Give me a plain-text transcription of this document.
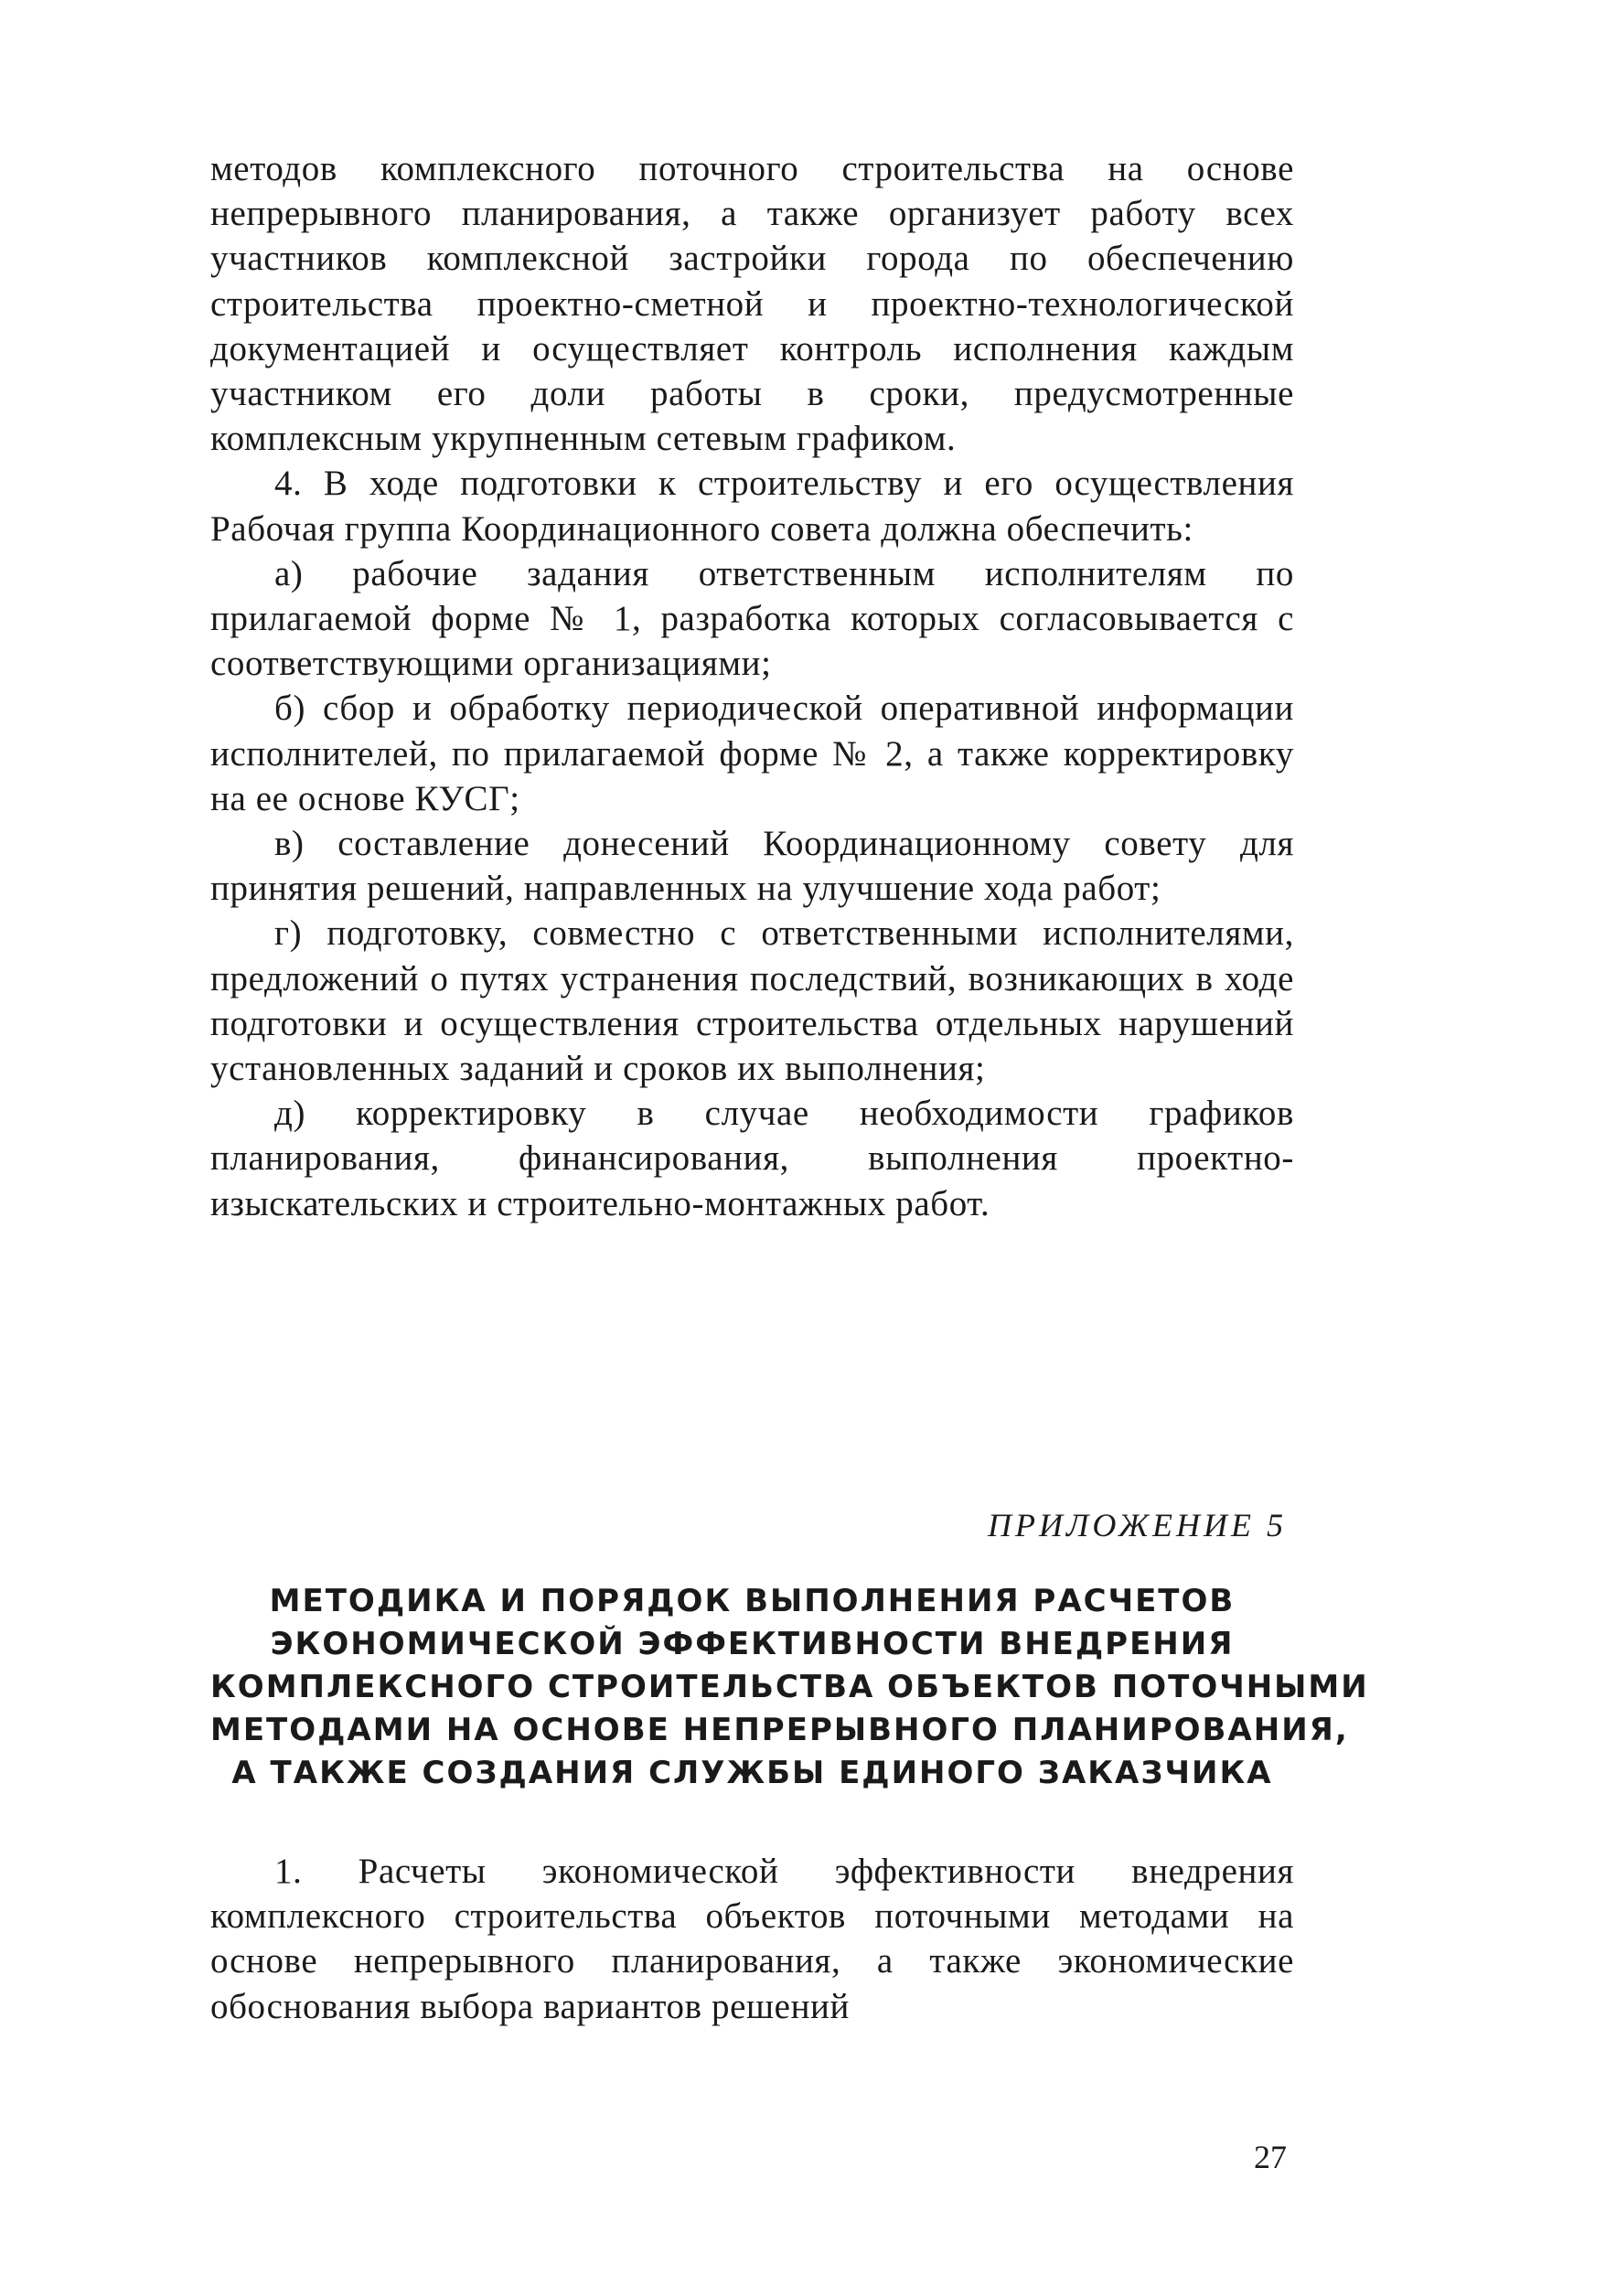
методов комплексного поточного строительства на основе непрерывного планирования, а также организует работу всех участников комплексной застройки города по обеспечению строительства проектно-сметной и проектно-технологической документацией и осуществляет контроль исполнения каждым участником его доли работы в сроки, предусмотренные комплексным укрупненным сетевым графиком.

4. В ходе подготовки к строительству и его осуществления Рабочая группа Координационного совета должна обеспечить:

а) рабочие задания ответственным исполнителям по прилагаемой форме № 1, разработка которых согласовывается с соответствующими организациями;

б) сбор и обработку периодической оперативной информации исполнителей, по прилагаемой форме № 2, а также корректировку на ее основе КУСГ;

в) составление донесений Координационному совету для принятия решений, направленных на улучшение хода работ;

г) подготовку, совместно с ответственными исполнителями, предложений о путях устранения последствий, возникающих в ходе подготовки и осуществления строительства отдельных нарушений установленных заданий и сроков их выполнения;

д) корректировку в случае необходимости графиков планирования, финансирования, выполнения проектно-изыскательских и строительно-монтажных работ.

ПРИЛОЖЕНИЕ 5

МЕТОДИКА И ПОРЯДОК ВЫПОЛНЕНИЯ РАСЧЕТОВ
ЭКОНОМИЧЕСКОЙ ЭФФЕКТИВНОСТИ ВНЕДРЕНИЯ
КОМПЛЕКСНОГО СТРОИТЕЛЬСТВА ОБЪЕКТОВ ПОТОЧНЫМИ
МЕТОДАМИ НА ОСНОВЕ НЕПРЕРЫВНОГО ПЛАНИРОВАНИЯ,
А ТАКЖЕ СОЗДАНИЯ СЛУЖБЫ ЕДИНОГО ЗАКАЗЧИКА

1. Расчеты экономической эффективности внедрения комплексного строительства объектов поточными методами на основе непрерывного планирования, а также экономические обоснования выбора вариантов решений

27
